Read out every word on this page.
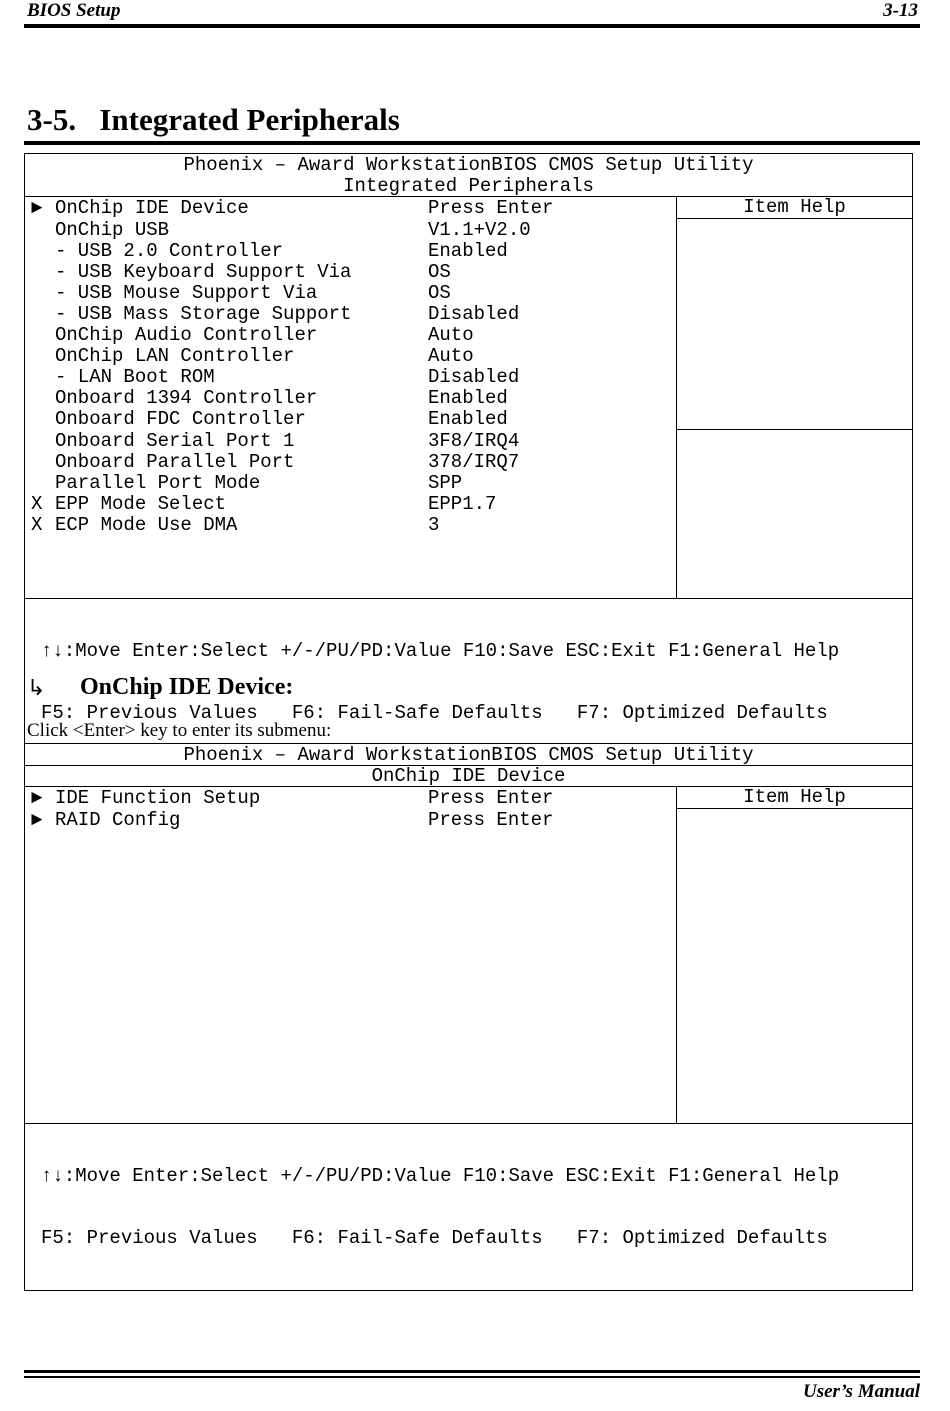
BIOS Setup	3-13
3-5.   Integrated Peripherals
Phoenix – Award WorkstationBIOS CMOS Setup Utility
Integrated Peripherals
► OnChip IDE Device	Press Enter
OnChip USB	V1.1+V2.0
- USB 2.0 Controller	Enabled
- USB Keyboard Support Via	OS
- USB Mouse Support Via	OS
- USB Mass Storage Support	Disabled
OnChip Audio Controller	Auto
OnChip LAN Controller	Auto
- LAN Boot ROM	Disabled
Onboard 1394 Controller	Enabled
Onboard FDC Controller	Enabled
Onboard Serial Port 1	3F8/IRQ4
Onboard Parallel Port	378/IRQ7
Parallel Port Mode	SPP
X EPP Mode Select	EPP1.7
X ECP Mode Use DMA	3
Item Help

↑↓:Move Enter:Select +/-/PU/PD:Value F10:Save ESC:Exit F1:General Help

F5: Previous Values   F6: Fail-Safe Defaults   F7: Optimized Defaults

↳	OnChip IDE Device:
Click <Enter> key to enter its submenu:
Phoenix – Award WorkstationBIOS CMOS Setup Utility
OnChip IDE Device
► IDE Function Setup	Press Enter
► RAID Config	Press Enter
Item Help

↑↓:Move Enter:Select +/-/PU/PD:Value F10:Save ESC:Exit F1:General Help

F5: Previous Values   F6: Fail-Safe Defaults   F7: Optimized Defaults

User’s Manual
